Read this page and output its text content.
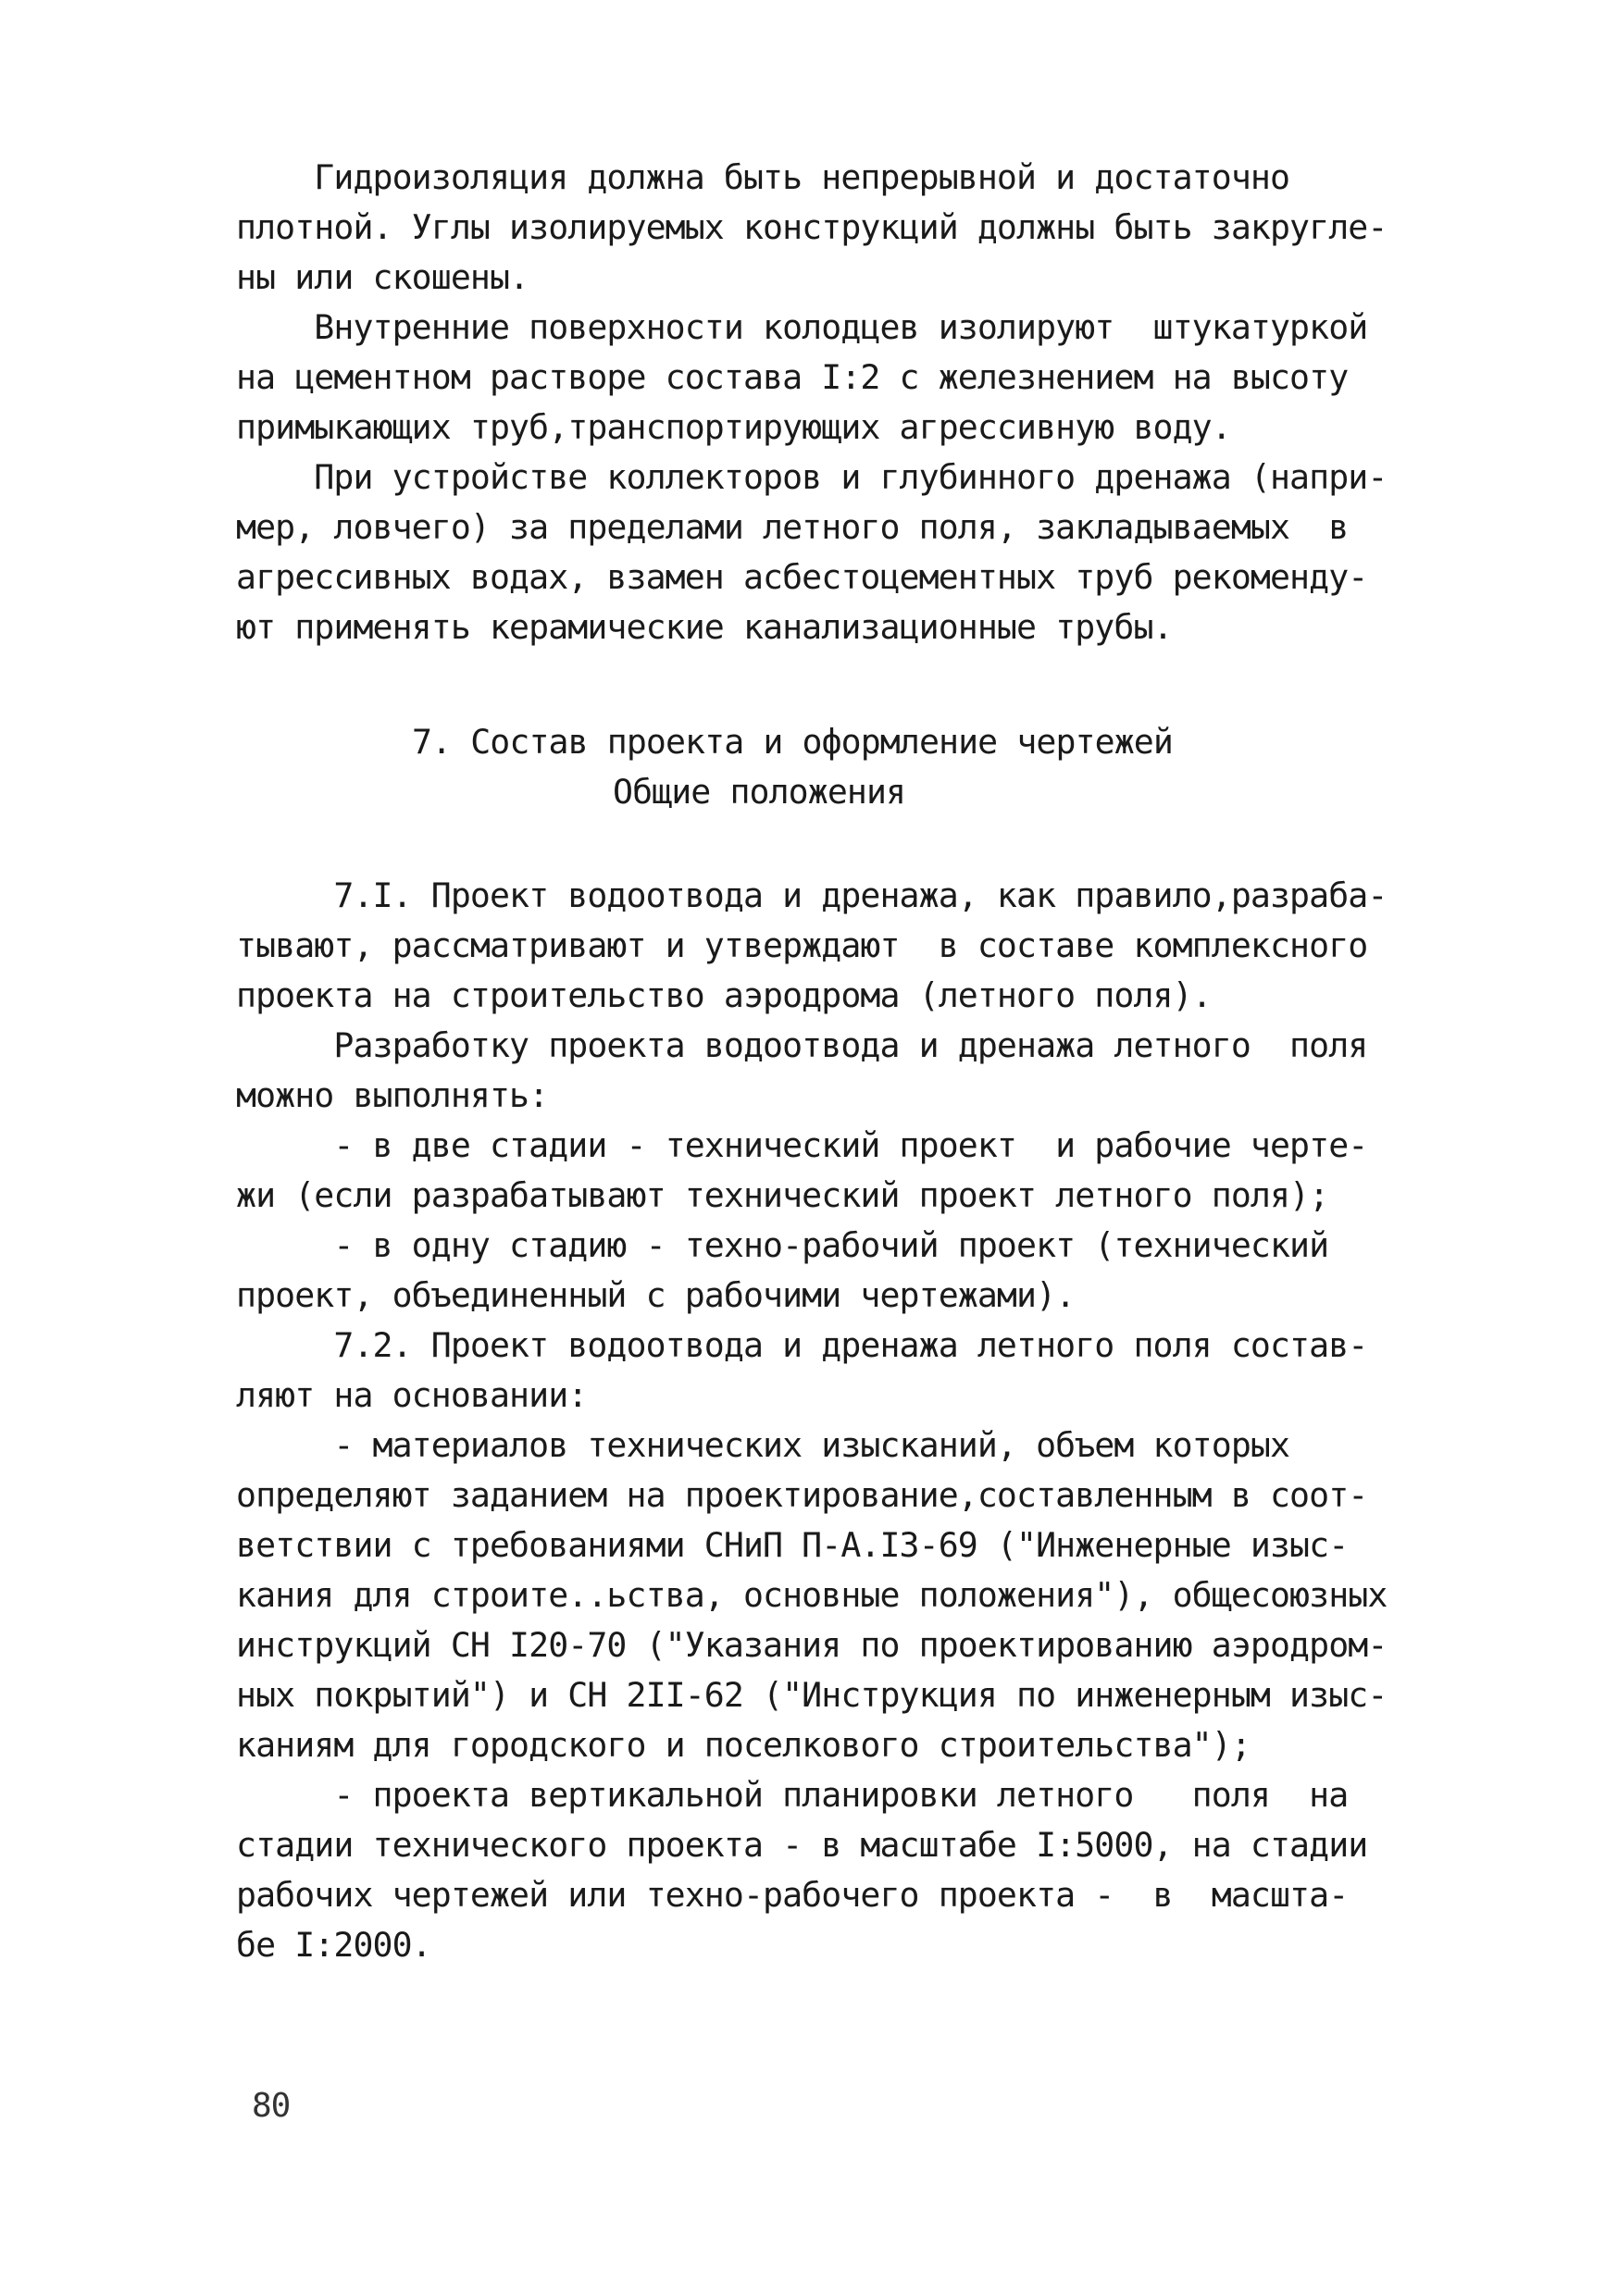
Гидроизоляция должна быть непрерывной и достаточно
плотной. Углы изолируемых конструкций должны быть закругле-
ны или скошены.
Внутренние поверхности колодцев изолируют  штукатуркой
на цементном растворе состава I:2 с железнением на высоту
примыкающих труб,транспортирующих агрессивную воду.
При устройстве коллекторов и глубинного дренажа (напри-
мер, ловчего) за пределами летного поля, закладываемых  в
агрессивных водах, взамен асбестоцементных труб рекоменду-
ют применять керамические канализационные трубы.
7. Состав проекта и оформление чертежей
Общие положения
7.I. Проект водоотвода и дренажа, как правило,разраба-
тывают, рассматривают и утверждают  в составе комплексного
проекта на строительство аэродрома (летного поля).
Разработку проекта водоотвода и дренажа летного  поля
можно выполнять:
- в две стадии - технический проект  и рабочие черте-
жи (если разрабатывают технический проект летного поля);
- в одну стадию - техно-рабочий проект (технический
проект, объединенный с рабочими чертежами).
7.2. Проект водоотвода и дренажа летного поля состав-
ляют на основании:
- материалов технических изысканий, объем которых
определяют заданием на проектирование,составленным в соот-
ветствии с требованиями СНиП П-А.I3-69 ("Инженерные изыс-
кания для строите..ьства, основные положения"), общесоюзных
инструкций СН I20-70 ("Указания по проектированию аэродром-
ных покрытий") и СН 2II-62 ("Инструкция по инженерным изыс-
каниям для городского и поселкового строительства");
- проекта вертикальной планировки летного   поля  на
стадии технического проекта - в масштабе I:5000, на стадии
рабочих чертежей или техно-рабочего проекта -  в  масшта-
бе I:2000.
80
